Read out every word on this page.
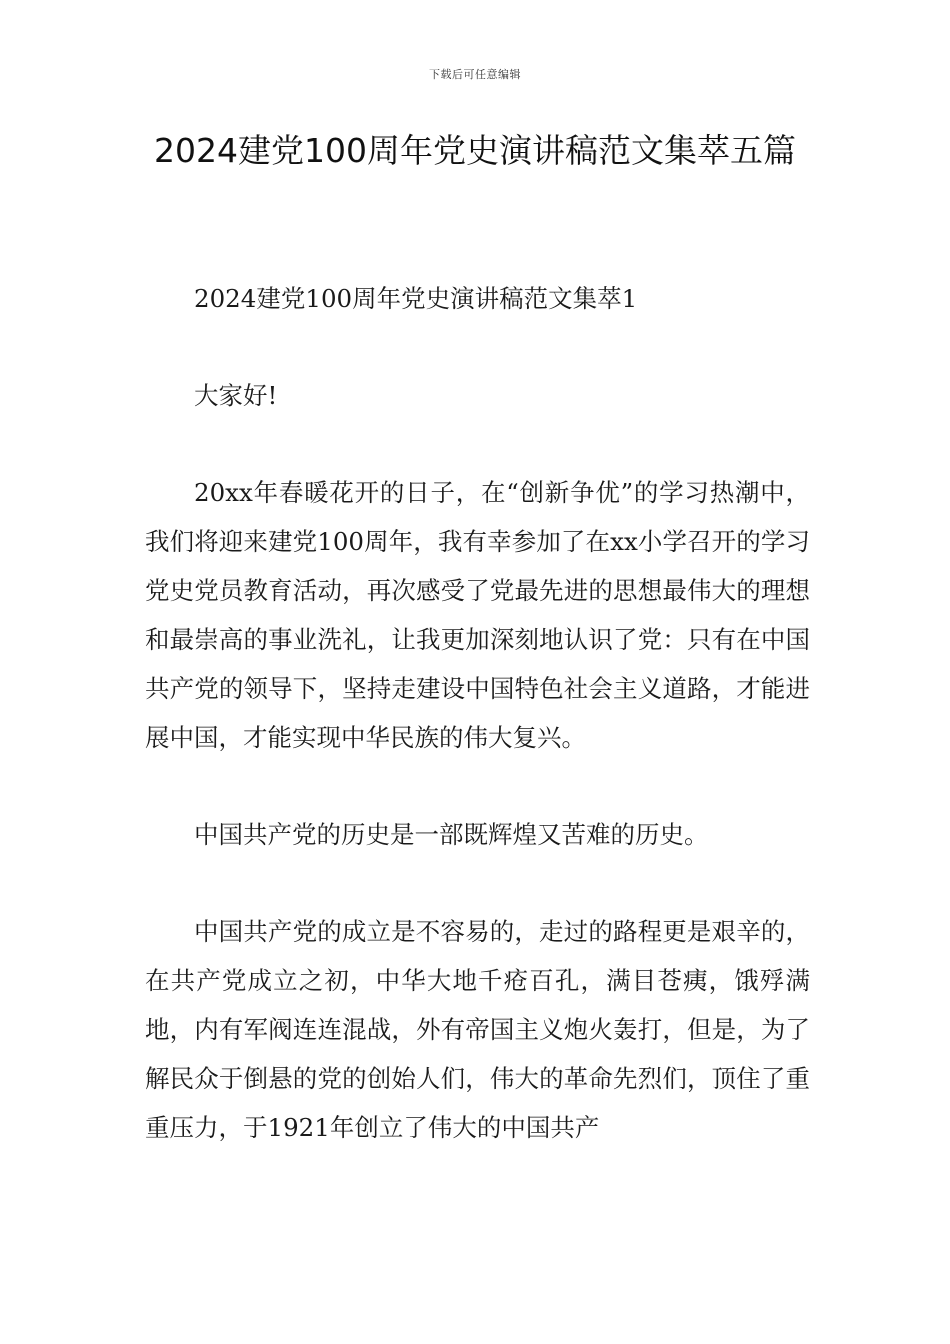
下载后可任意编辑
2024建党100周年党史演讲稿范文集萃五篇

2024建党100周年党史演讲稿范文集萃1

大家好!

20xx年春暖花开的日子，在“创新争优”的学习热潮中，我们将迎来建党100周年，我有幸参加了在xx小学召开的学习党史党员教育活动，再次感受了党最先进的思想最伟大的理想和最崇高的事业洗礼，让我更加深刻地认识了党：只有在中国共产党的领导下，坚持走建设中国特色社会主义道路，才能进展中国，才能实现中华民族的伟大复兴。

中国共产党的历史是一部既辉煌又苦难的历史。

中国共产党的成立是不容易的，走过的路程更是艰辛的，在共产党成立之初，中华大地千疮百孔，满目苍痍，饿殍满地，内有军阀连连混战，外有帝国主义炮火轰打，但是，为了解民众于倒悬的党的创始人们，伟大的革命先烈们，顶住了重重压力，于1921年创立了伟大的中国共产
